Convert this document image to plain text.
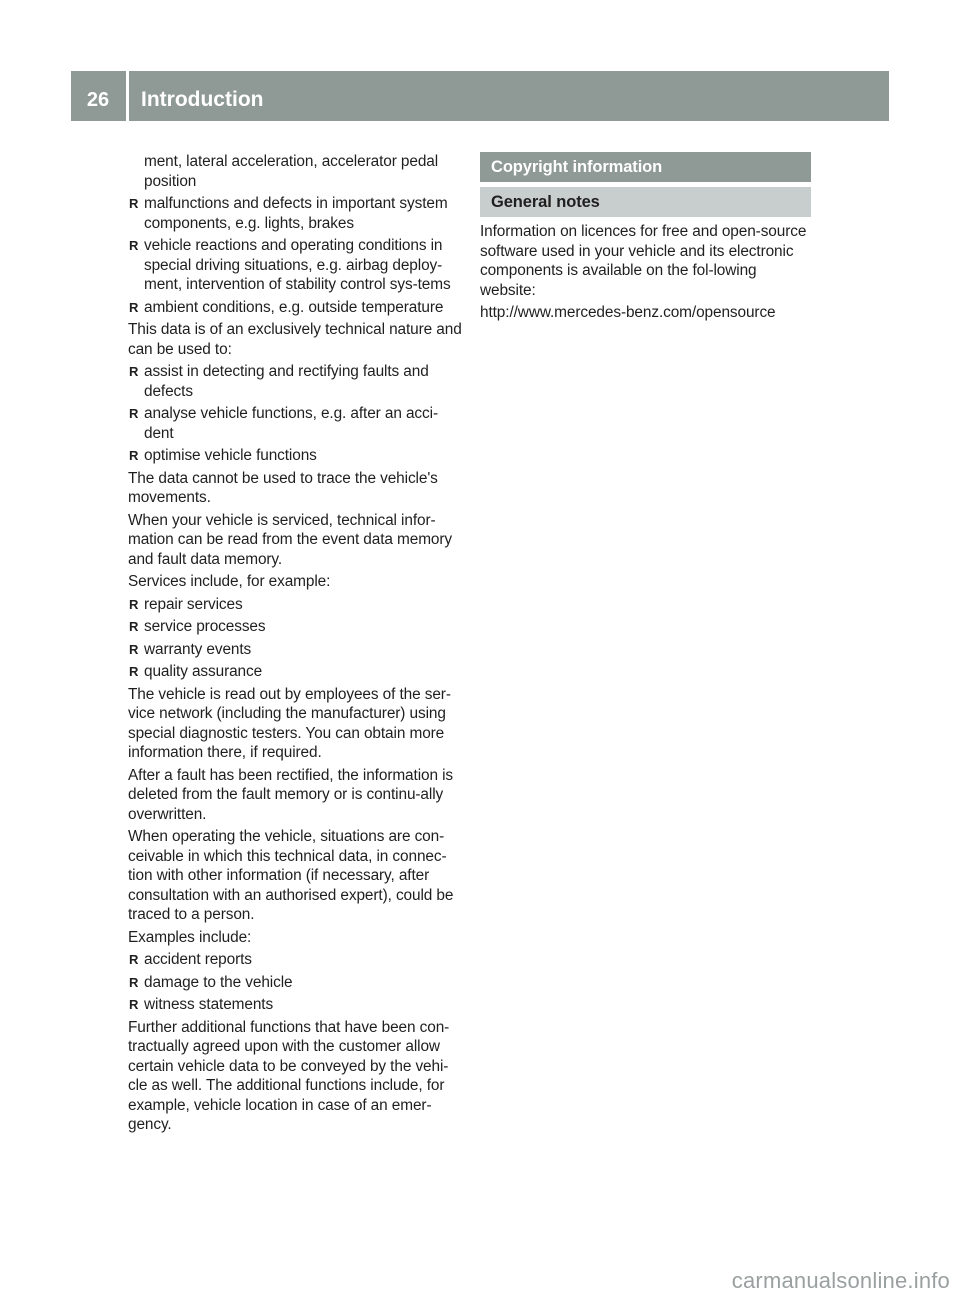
26	Introduction
ment, lateral acceleration, accelerator pedal position
R malfunctions and defects in important system components, e.g. lights, brakes
R vehicle reactions and operating conditions in special driving situations, e.g. airbag deploy-ment, intervention of stability control sys-tems
R ambient conditions, e.g. outside temperature
This data is of an exclusively technical nature and can be used to:
R assist in detecting and rectifying faults and defects
R analyse vehicle functions, e.g. after an acci-dent
R optimise vehicle functions
The data cannot be used to trace the vehicle's movements.
When your vehicle is serviced, technical infor-mation can be read from the event data memory and fault data memory.
Services include, for example:
R repair services
R service processes
R warranty events
R quality assurance
The vehicle is read out by employees of the ser-vice network (including the manufacturer) using special diagnostic testers. You can obtain more information there, if required.
After a fault has been rectified, the information is deleted from the fault memory or is continu-ally overwritten.
When operating the vehicle, situations are con-ceivable in which this technical data, in connec-tion with other information (if necessary, after consultation with an authorised expert), could be traced to a person.
Examples include:
R accident reports
R damage to the vehicle
R witness statements
Further additional functions that have been con-tractually agreed upon with the customer allow certain vehicle data to be conveyed by the vehi-cle as well. The additional functions include, for example, vehicle location in case of an emer-gency.
Copyright information
General notes
Information on licences for free and open-source software used in your vehicle and its electronic components is available on the fol-lowing website:
http://www.mercedes-benz.com/opensource
carmanualsonline.info
